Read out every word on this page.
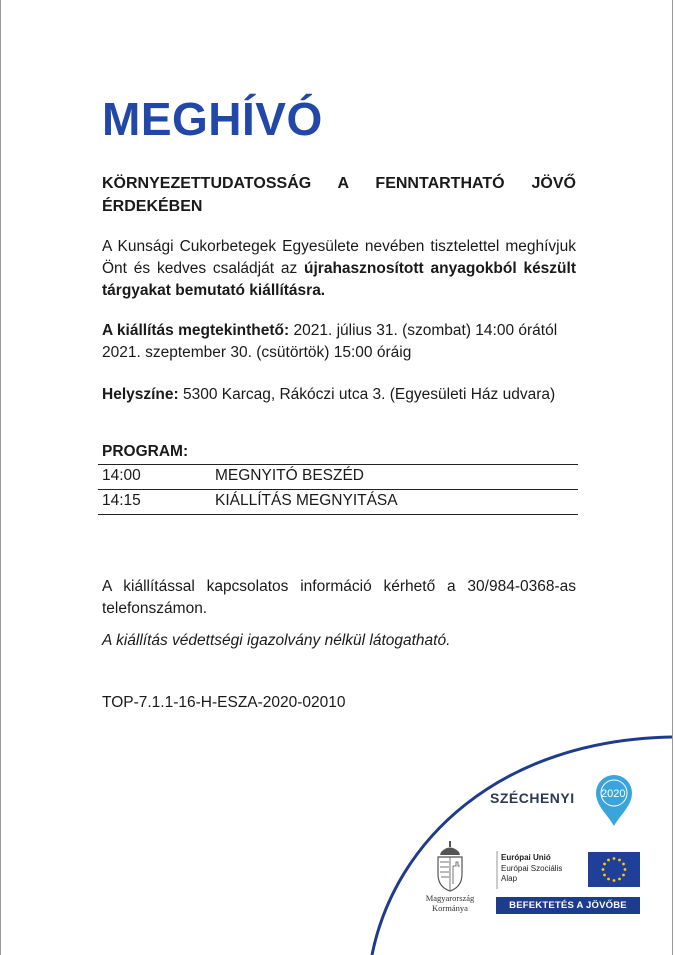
MEGHÍVÓ

KÖRNYEZETTUDATOSSÁG A FENNTARTHATÓ JÖVŐ ÉRDEKÉBEN

A Kunsági Cukorbetegek Egyesülete nevében tisztelettel meghívjuk Önt és kedves családját az újrahasznosított anyagokból készült tárgyakat bemutató kiállításra.

A kiállítás megtekinthető: 2021. július 31. (szombat) 14:00 órától
2021. szeptember 30. (csütörtök) 15:00 óráig

Helyszíne: 5300 Karcag, Rákóczi utca 3. (Egyesületi Ház udvara)

PROGRAM:

14:00	MEGNYITÓ BESZÉD
14:15	KIÁLLÍTÁS MEGNYITÁSA

A kiállítással kapcsolatos információ kérhető a 30/984-0368-as telefonszámon.

A kiállítás védettségi igazolvány nélkül látogatható.

TOP-7.1.1-16-H-ESZA-2020-02010

SZÉCHENYI 2020
Magyarország
Kormánya
Európai Unió
Európai Szociális
Alap
BEFEKTETÉS A JÖVŐBE
